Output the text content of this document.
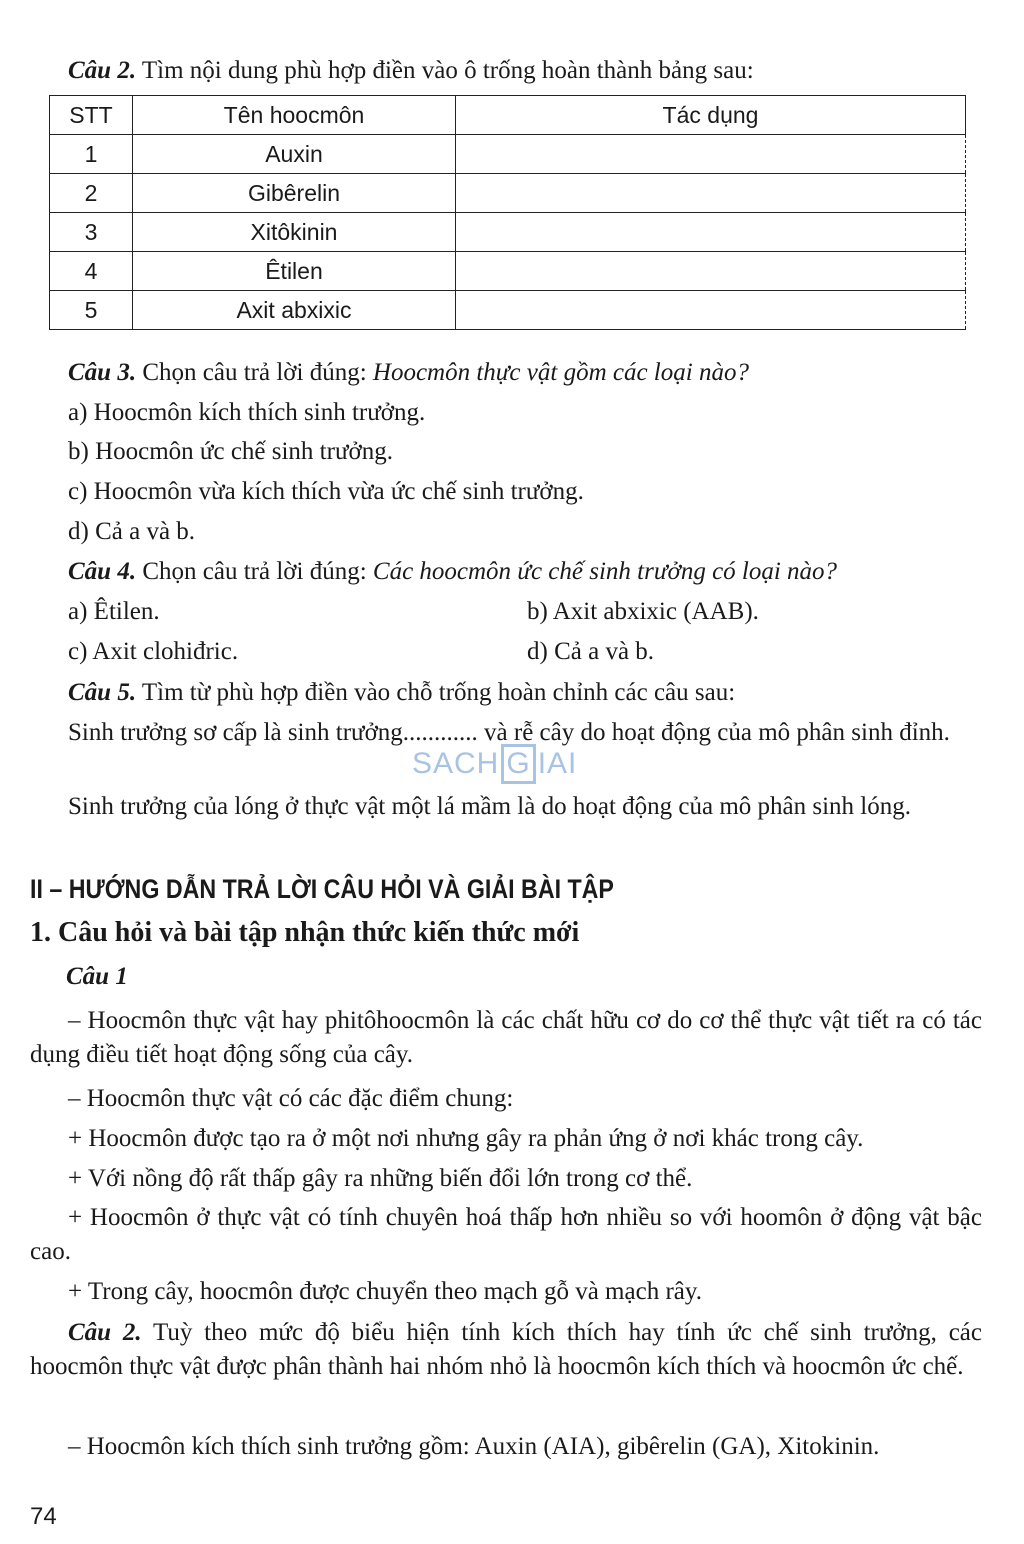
Câu 2. Tìm nội dung phù hợp điền vào ô trống hoàn thành bảng sau:
STT	Tên hoocmôn	Tác dụng
1	Auxin	
2	Gibêrelin	
3	Xitôkinin	
4	Êtilen	
5	Axit abxixic	
Câu 3. Chọn câu trả lời đúng: Hoocmôn thực vật gồm các loại nào?
a) Hoocmôn kích thích sinh trưởng.
b) Hoocmôn ức chế sinh trưởng.
c) Hoocmôn vừa kích thích vừa ức chế sinh trưởng.
d) Cả a và b.
Câu 4. Chọn câu trả lời đúng: Các hoocmôn ức chế sinh trưởng có loại nào?
a) Êtilen.	b) Axit abxixic (AAB).
c) Axit clohiđric.	d) Cả a và b.
Câu 5. Tìm từ phù hợp điền vào chỗ trống hoàn chỉnh các câu sau:
Sinh trưởng sơ cấp là sinh trưởng............ và rễ cây do hoạt động của mô phân sinh đỉnh.
Sinh trưởng của lóng ở thực vật một lá mầm là do hoạt động của mô phân sinh lóng.
SACH G IAI
II – HƯỚNG DẪN TRẢ LỜI CÂU HỎI VÀ GIẢI BÀI TẬP
1. Câu hỏi và bài tập nhận thức kiến thức mới
Câu 1
– Hoocmôn thực vật hay phitôhoocmôn là các chất hữu cơ do cơ thể thực vật tiết ra có tác dụng điều tiết hoạt động sống của cây.
– Hoocmôn thực vật có các đặc điểm chung:
+ Hoocmôn được tạo ra ở một nơi nhưng gây ra phản ứng ở nơi khác trong cây.
+ Với nồng độ rất thấp gây ra những biến đổi lớn trong cơ thể.
+ Hoocmôn ở thực vật có tính chuyên hoá thấp hơn nhiều so với hoomôn ở động vật bậc cao.
+ Trong cây, hoocmôn được chuyển theo mạch gỗ và mạch rây.
Câu 2. Tuỳ theo mức độ biểu hiện tính kích thích hay tính ức chế sinh trưởng, các hoocmôn thực vật được phân thành hai nhóm nhỏ là hoocmôn kích thích và hoocmôn ức chế.
– Hoocmôn kích thích sinh trưởng gồm: Auxin (AIA), gibêrelin (GA), Xitokinin.
74
